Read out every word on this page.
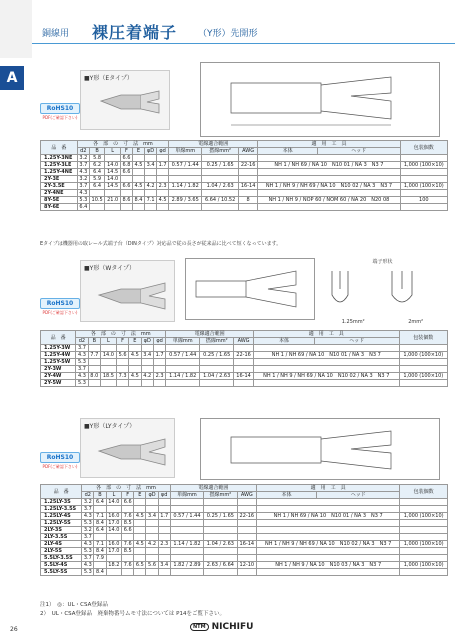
銅線用 裸圧着端子 （Y形）先開形
A	■Y形（Eタイプ）
RoHS10
PDF(ご確認下さい)
品　番	各　部　の　寸　法　mm							電線適合範囲			適　用　工　具		包装個数
	d2	B	L	F	E	φD	φd	単線mm	撚線mm²	AWG	本体	ヘッド	
1.25Y-3NE	3.2	5.8		6.6									
1.25Y-3LE	3.7	6.2	14.0	6.8	4.5	3.4	1.7	0.57 / 1.44	0.25 / 1.65	22-16	NH 1 / NH 69 / NA 10　N10 01 / NA 3　N3 7		1,000 (100×10)
1.25Y-4NE	4.3	6.4	14.5	6.6									
2Y-3E	3.2	5.9	14.0										
2Y-3.5E	3.7	6.4	14.5	6.6	4.5	4.2	2.3	1.14 / 1.82	1.04 / 2.63	16-14	NH 1 / NH 9 / NH 69 / NA 10　N10 02 / NA 3　N3 7		1,000 (100×10)
2Y-4NE	4.3												
8Y-5E	5.3	10.5	21.0	8.6	8.4	7.1	4.5	2.89 / 3.65	6.64 / 10.52	8	NH 1 / NH 9 / NOP 60 / NOM 60 / NA 20　N20 08		100
8Y-6E	6.4												
Eタイプは機器用の取レール式端子台（DINタイプ）対応品で従の長さが従来品に比べて短くなっています。
■Y形（Wタイプ）
RoHS10
PDF(ご確認下さい)
端子形状
1.25mm²	2mm²
品　番	各　部　の　寸　法　mm							電線適合範囲			適　用　工　具		包装個数
	d2	B	L	F	E	φD	φd	単線mm	撚線mm²	AWG	本体	ヘッド	
1.25Y-3W	3.7												
1.25Y-4W	4.3	7.7	14.0	5.6	4.5	3.4	1.7	0.57 / 1.44	0.25 / 1.65	22-16	NH 1 / NH 69 / NA 10　N10 01 / NA 3　N3 7		1,000 (100×10)
1.25Y-5W	5.3												
2Y-3W	3.7												
2Y-4W	4.3	8.0	18.5	7.3	4.5	4.2	2.3	1.14 / 1.82	1.04 / 2.63	16-14	NH 1 / NH 9 / NH 69 / NA 10　N10 02 / NA 3　N3 7		1,000 (100×10)
2Y-5W	5.3												
■Y形（LYタイプ）
RoHS10
PDF(ご確認下さい)
品　番	各　部　の　寸　法　mm							電線適合範囲			適　用　工　具		包装個数
	d2	B	L	F	E	φD	φd	単線mm	撚線mm²	AWG	本体	ヘッド	
1.25LY-3S	3.2	6.4	14.0	6.6									
1.25LY-3.5S	3.7												
1.25LY-4S	4.3	7.1	16.0	7.6	4.5	3.4	1.7	0.57 / 1.44	0.25 / 1.65	22-16	NH 1 / NH 69 / NA 10　N10 01 / NA 3　N3 7		1,000 (100×10)
1.25LY-5S	5.3	8.4	17.0	8.5									
2LY-3S	3.2	6.4	14.0	6.6									
2LY-3.5S	3.7												
2LY-4S	4.3	7.1	16.0	7.6	4.5	4.2	2.3	1.14 / 1.82	1.04 / 2.63	16-14	NH 1 / NH 9 / NH 69 / NA 10　N10 02 / NA 3　N3 7		1,000 (100×10)
2LY-5S	5.3	8.4	17.0	8.5									
5.5LY-3.5S	3.7	7.9											
5.5LY-4S	4.3		18.2	7.6	6.5	5.6	3.4	1.82 / 2.89	2.63 / 6.64	12-10	NH 1 / NH 9 / NA 10　N10 03 / NA 3　N3 7		1,000 (100×10)
5.5LY-5S	5.3	8.4											
注1）　◎：UL・CSA登録品
2）　UL・CSA登録品　廃棄物番号ムモ寸法については P14をご覧下さい。
26	NTM NICHIFU
